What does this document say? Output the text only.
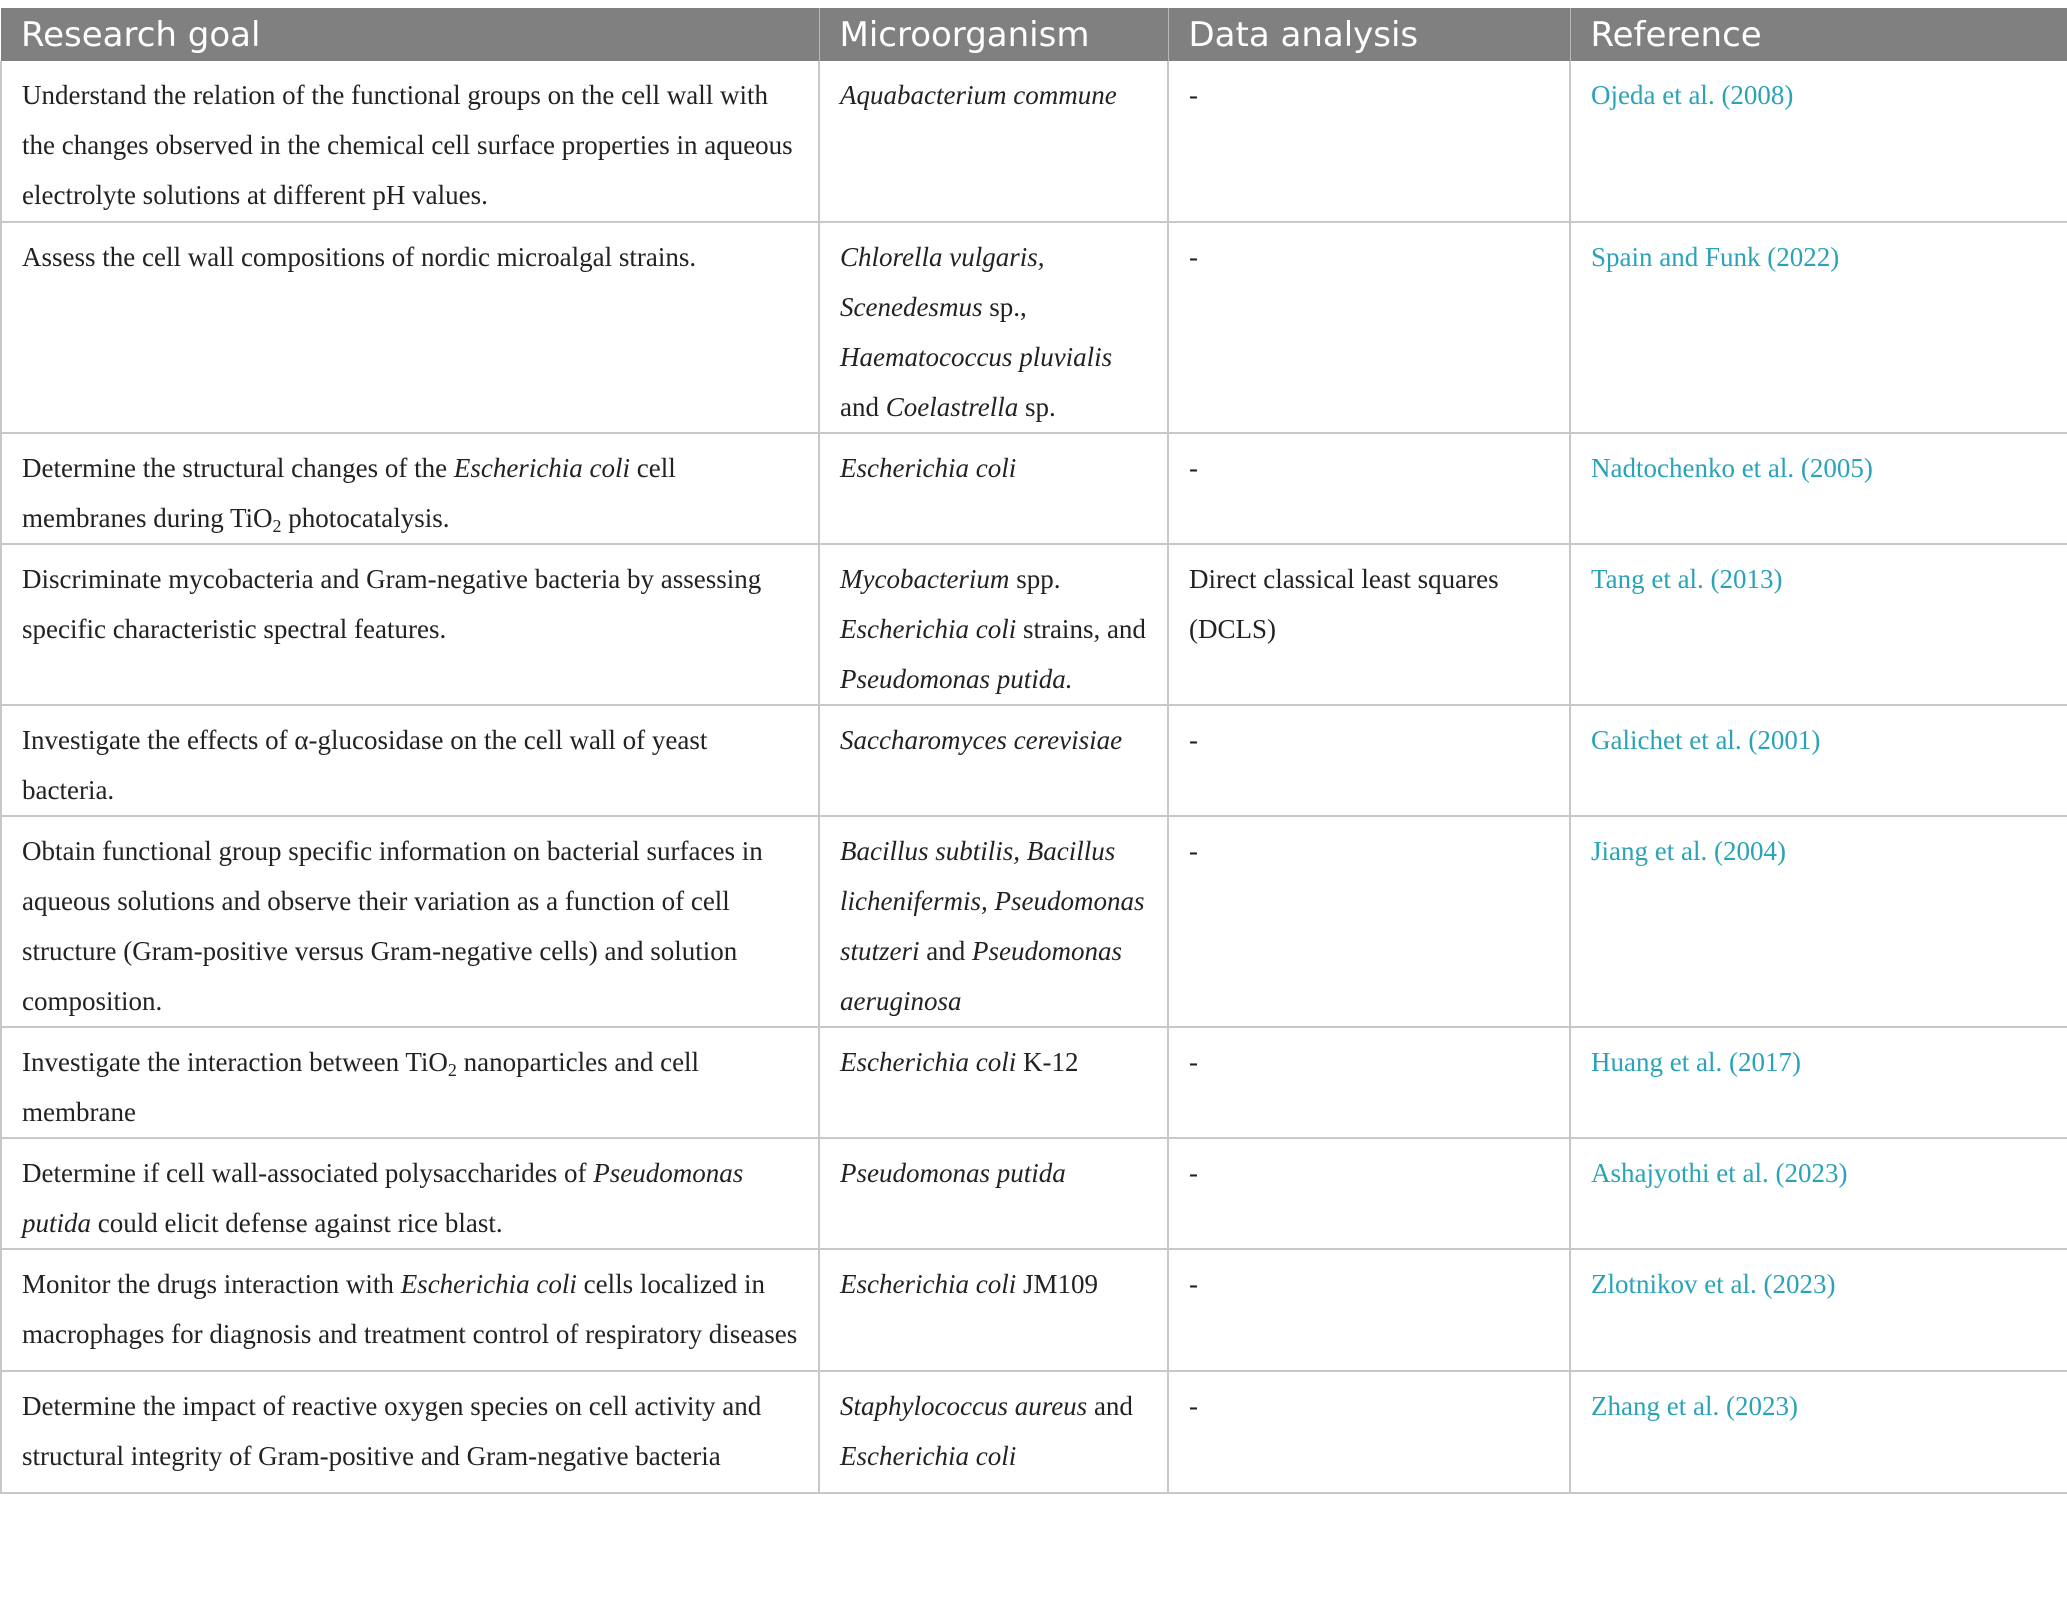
Research goal	Microorganism	Data analysis	Reference
Understand the relation of the functional groups on the cell wall with the changes observed in the chemical cell surface properties in aqueous electrolyte solutions at different pH values.	Aquabacterium commune	-	Ojeda et al. (2008)
Assess the cell wall compositions of nordic microalgal strains.	Chlorella vulgaris, Scenedesmus sp., Haematococcus pluvialis and Coelastrella sp.	-	Spain and Funk (2022)
Determine the structural changes of the Escherichia coli cell membranes during TiO$_2$ photocatalysis.	Escherichia coli	-	Nadtochenko et al. (2005)
Discriminate mycobacteria and Gram-negative bacteria by assessing specific characteristic spectral features.	Mycobacterium spp. Escherichia coli strains, and Pseudomonas putida.	Direct classical least squares (DCLS)	Tang et al. (2013)
Investigate the effects of α-glucosidase on the cell wall of yeast bacteria.	Saccharomyces cerevisiae	-	Galichet et al. (2001)
Obtain functional group specific information on bacterial surfaces in aqueous solutions and observe their variation as a function of cell structure (Gram-positive versus Gram-negative cells) and solution composition.	Bacillus subtilis, Bacillus lichenifermis, Pseudomonas stutzeri and Pseudomonas aeruginosa	-	Jiang et al. (2004)
Investigate the interaction between TiO$_2$ nanoparticles and cell membrane	Escherichia coli K-12	-	Huang et al. (2017)
Determine if cell wall-associated polysaccharides of Pseudomonas putida could elicit defense against rice blast.	Pseudomonas putida	-	Ashajyothi et al. (2023)
Monitor the drugs interaction with Escherichia coli cells localized in macrophages for diagnosis and treatment control of respiratory diseases	Escherichia coli JM109	-	Zlotnikov et al. (2023)
Determine the impact of reactive oxygen species on cell activity and structural integrity of Gram-positive and Gram-negative bacteria	Staphylococcus aureus and Escherichia coli	-	Zhang et al. (2023)
